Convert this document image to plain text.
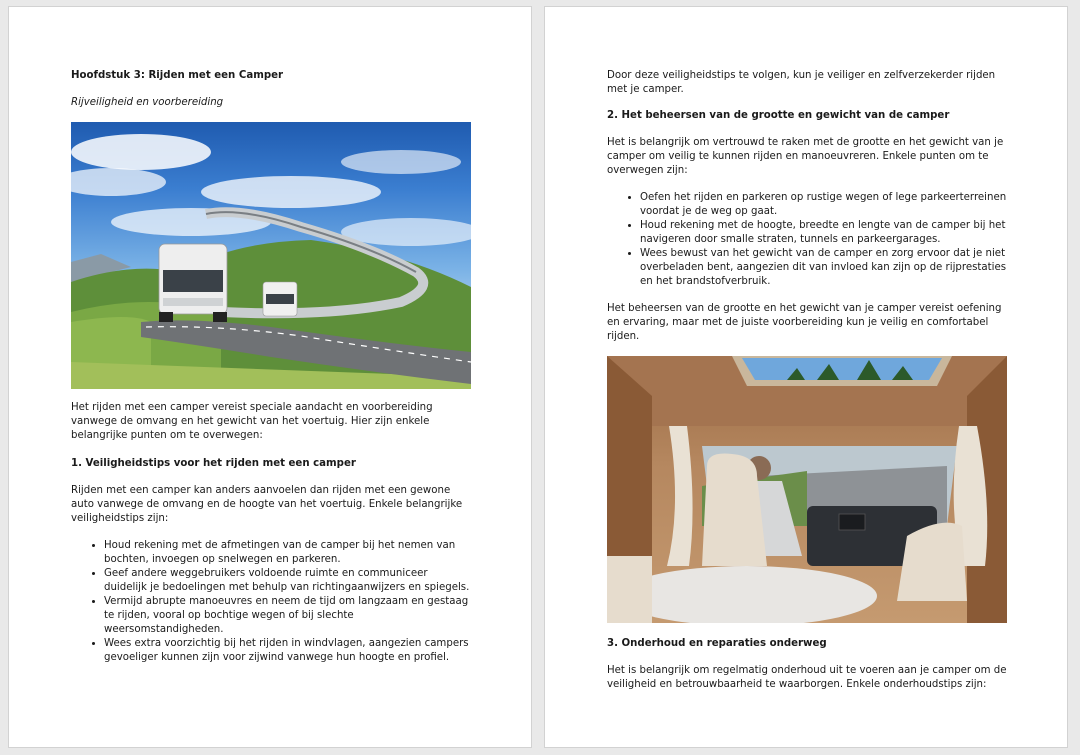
Hoofdstuk 3: Rijden met een Camper

Rijveiligheid en voorbereiding

Het rijden met een camper vereist speciale aandacht en voorbereiding vanwege de omvang en het gewicht van het voertuig. Hier zijn enkele belangrijke punten om te overwegen:

1. Veiligheidstips voor het rijden met een camper

Rijden met een camper kan anders aanvoelen dan rijden met een gewone auto vanwege de omvang en de hoogte van het voertuig. Enkele belangrijke veiligheidstips zijn:

• Houd rekening met de afmetingen van de camper bij het nemen van bochten, invoegen op snelwegen en parkeren.
• Geef andere weggebruikers voldoende ruimte en communiceer duidelijk je bedoelingen met behulp van richtingaanwijzers en spiegels.
• Vermijd abrupte manoeuvres en neem de tijd om langzaam en gestaag te rijden, vooral op bochtige wegen of bij slechte weersomstandigheden.
• Wees extra voorzichtig bij het rijden in windvlagen, aangezien campers gevoeliger kunnen zijn voor zijwind vanwege hun hoogte en profiel.

Door deze veiligheidstips te volgen, kun je veiliger en zelfverzekerder rijden met je camper.

2. Het beheersen van de grootte en gewicht van de camper

Het is belangrijk om vertrouwd te raken met de grootte en het gewicht van je camper om veilig te kunnen rijden en manoeuvreren. Enkele punten om te overwegen zijn:

• Oefen het rijden en parkeren op rustige wegen of lege parkeerterreinen voordat je de weg op gaat.
• Houd rekening met de hoogte, breedte en lengte van de camper bij het navigeren door smalle straten, tunnels en parkeergarages.
• Wees bewust van het gewicht van de camper en zorg ervoor dat je niet overbeladen bent, aangezien dit van invloed kan zijn op de rijprestaties en het brandstofverbruik.

Het beheersen van de grootte en het gewicht van je camper vereist oefening en ervaring, maar met de juiste voorbereiding kun je veilig en comfortabel rijden.

3. Onderhoud en reparaties onderweg

Het is belangrijk om regelmatig onderhoud uit te voeren aan je camper om de veiligheid en betrouwbaarheid te waarborgen. Enkele onderhoudstips zijn:
